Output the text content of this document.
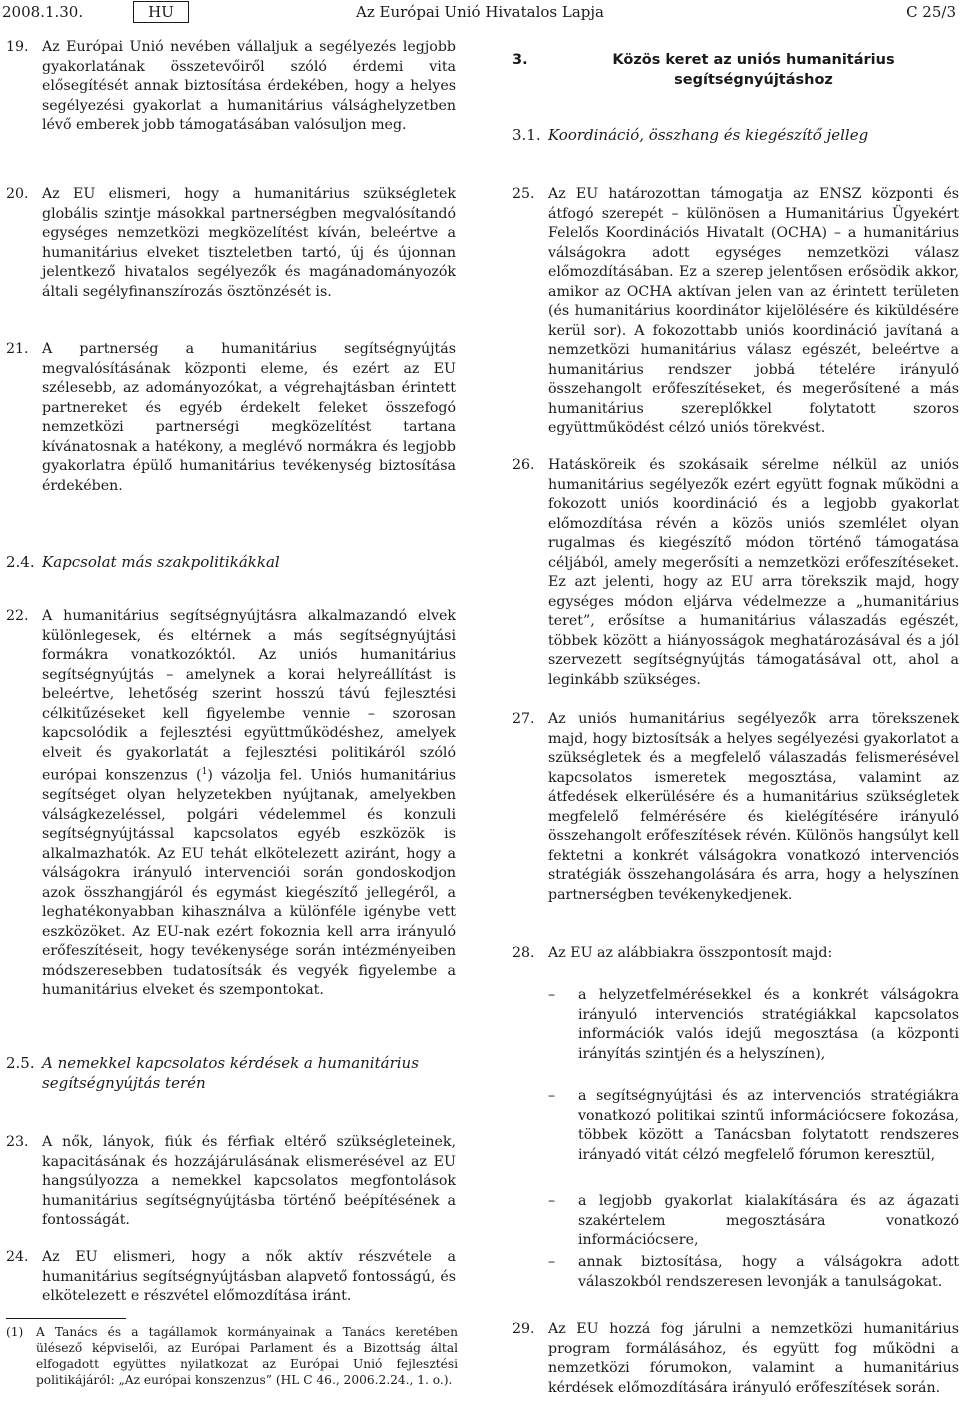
2008.1.30.	HU	Az Európai Unió Hivatalos Lapja	C 25/3
19. Az Európai Unió nevében vállaljuk a segélyezés legjobb gyakorlatának összetevőiről szóló érdemi vita elősegítését annak biztosítása érdekében, hogy a helyes segélyezési gyakorlat a humanitárius válsághelyzetben lévő emberek jobb támogatásában valósuljon meg.
20. Az EU elismeri, hogy a humanitárius szükségletek globális szintje másokkal partnerségben megvalósítandó egységes nemzetközi megközelítést kíván, beleértve a humanitárius elveket tiszteletben tartó, új és újonnan jelentkező hivatalos segélyezők és magánadományozók általi segélyfinanszírozás ösztönzését is.
21. A partnerség a humanitárius segítségnyújtás megvalósításának központi eleme, és ezért az EU szélesebb, az adományozókat, a végrehajtásban érintett partnereket és egyéb érdekelt feleket összefogó nemzetközi partnerségi megközelítést tartana kívánatosnak a hatékony, a meglévő normákra és legjobb gyakorlatra épülő humanitárius tevékenység biztosítása érdekében.
2.4. Kapcsolat más szakpolitikákkal
22. A humanitárius segítségnyújtásra alkalmazandó elvek különlegesek, és eltérnek a más segítségnyújtási formákra vonatkozóktól. Az uniós humanitárius segítségnyújtás – amelynek a korai helyreállítást is beleértve, lehetőség szerint hosszú távú fejlesztési célkitűzéseket kell figyelembe vennie – szorosan kapcsolódik a fejlesztési együttműködéshez, amelyek elveit és gyakorlatát a fejlesztési politikáról szóló európai konszenzus ($^1$) vázolja fel. Uniós humanitárius segítséget olyan helyzetekben nyújtanak, amelyekben válságkezeléssel, polgári védelemmel és konzuli segítségnyújtással kapcsolatos egyéb eszközök is alkalmazhatók. Az EU tehát elkötelezett aziránt, hogy a válságokra irányuló intervenciói során gondoskodjon azok összhangjáról és egymást kiegészítő jellegéről, a leghatékonyabban kihasználva a különféle igénybe vett eszközöket. Az EU-nak ezért fokoznia kell arra irányuló erőfeszítéseit, hogy tevékenysége során intézményeiben módszeresebben tudatosítsák és vegyék figyelembe a humanitárius elveket és szempontokat.
2.5. A nemekkel kapcsolatos kérdések a humanitárius segítségnyújtás terén
23. A nők, lányok, fiúk és férfiak eltérő szükségleteinek, kapacitásának és hozzájárulásának elismerésével az EU hangsúlyozza a nemekkel kapcsolatos megfontolások humanitárius segítségnyújtásba történő beépítésének a fontosságát.
24. Az EU elismeri, hogy a nők aktív részvétele a humanitárius segítségnyújtásban alapvető fontosságú, és elkötelezett e részvétel előmozdítása iránt.
(1) A Tanács és a tagállamok kormányainak a Tanács keretében ülésező képviselői, az Európai Parlament és a Bizottság által elfogadott együttes nyilatkozat az Európai Unió fejlesztési politikájáról: „Az európai konszenzus” (HL C 46., 2006.2.24., 1. o.).
3.	Közös keret az uniós humanitárius segítségnyújtáshoz
3.1. Koordináció, összhang és kiegészítő jelleg
25. Az EU határozottan támogatja az ENSZ központi és átfogó szerepét – különösen a Humanitárius Ügyekért Felelős Koordinációs Hivatalt (OCHA) – a humanitárius válságokra adott egységes nemzetközi válasz előmozdításában. Ez a szerep jelentősen erősödik akkor, amikor az OCHA aktívan jelen van az érintett területen (és humanitárius koordinátor kijelölésére és kiküldésére kerül sor). A fokozottabb uniós koordináció javítaná a nemzetközi humanitárius válasz egészét, beleértve a humanitárius rendszer jobbá tételére irányuló összehangolt erőfeszítéseket, és megerősítené a más humanitárius szereplőkkel folytatott szoros együttműködést célzó uniós törekvést.
26. Hatásköreik és szokásaik sérelme nélkül az uniós humanitárius segélyezők ezért együtt fognak működni a fokozott uniós koordináció és a legjobb gyakorlat előmozdítása révén a közös uniós szemlélet olyan rugalmas és kiegészítő módon történő támogatása céljából, amely megerősíti a nemzetközi erőfeszítéseket. Ez azt jelenti, hogy az EU arra törekszik majd, hogy egységes módon eljárva védelmezze a „humanitárius teret”, erősítse a humanitárius válaszadás egészét, többek között a hiányosságok meghatározásával és a jól szervezett segítségnyújtás támogatásával ott, ahol a leginkább szükséges.
27. Az uniós humanitárius segélyezők arra törekszenek majd, hogy biztosítsák a helyes segélyezési gyakorlatot a szükségletek és a megfelelő válaszadás felismerésével kapcsolatos ismeretek megosztása, valamint az átfedések elkerülésére és a humanitárius szükségletek megfelelő felmérésére és kielégítésére irányuló összehangolt erőfeszítések révén. Különös hangsúlyt kell fektetni a konkrét válságokra vonatkozó intervenciós stratégiák összehangolására és arra, hogy a helyszínen partnerségben tevékenykedjenek.
28. Az EU az alábbiakra összpontosít majd:
– a helyzetfelmérésekkel és a konkrét válságokra irányuló intervenciós stratégiákkal kapcsolatos információk valós idejű megosztása (a központi irányítás szintjén és a helyszínen),
– a segítségnyújtási és az intervenciós stratégiákra vonatkozó politikai szintű információcsere fokozása, többek között a Tanácsban folytatott rendszeres irányadó vitát célzó megfelelő fórumon keresztül,
– a legjobb gyakorlat kialakítására és az ágazati szakértelem megosztására vonatkozó információcsere,
– annak biztosítása, hogy a válságokra adott válaszokból rendszeresen levonják a tanulságokat.
29. Az EU hozzá fog járulni a nemzetközi humanitárius program formálásához, és együtt fog működni a nemzetközi fórumokon, valamint a humanitárius kérdések előmozdítására irányuló erőfeszítések során.
